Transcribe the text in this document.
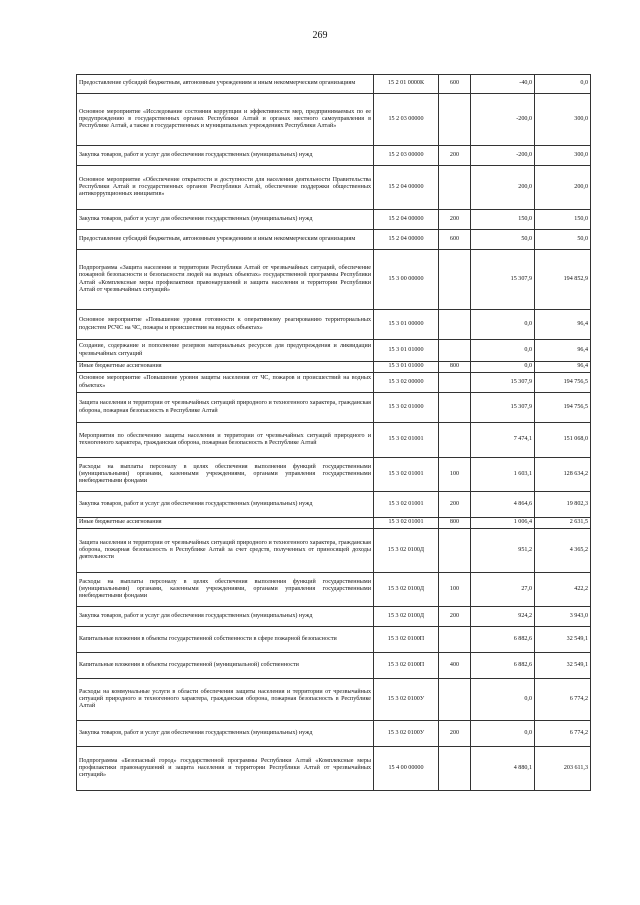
269
Предоставление субсидий бюджетным, автономным учреждениям и иным некоммерческим организациям	15 2 01 0000К	600	-40,0	0,0
Основное мероприятие «Исследование состояния коррупции и эффективности мер, предпринимаемых по ее предупреждению в государственных органах Республики Алтай и органах местного самоуправления в Республике Алтай, а также в государственных и муниципальных учреждениях Республики Алтай»	15 2 03 00000		-200,0	300,0
Закупка товаров, работ и услуг для обеспечения государственных (муниципальных) нужд	15 2 03 00000	200	-200,0	300,0
Основное мероприятие «Обеспечение открытости и доступности для населения деятельности Правительства Республики Алтай и государственных органов Республики Алтай, обеспечение поддержки общественных антикоррупционных инициатив»	15 2 04 00000		200,0	200,0
Закупка товаров, работ и услуг для обеспечения государственных (муниципальных) нужд	15 2 04 00000	200	150,0	150,0
Предоставление субсидий бюджетным, автономным учреждениям и иным некоммерческим организациям	15 2 04 00000	600	50,0	50,0
Подпрограмма «Защита населения и территории Республики Алтай от чрезвычайных ситуаций, обеспечение пожарной безопасности и безопасности людей на водных объектах» государственной программы Республики Алтай «Комплексные меры профилактики правонарушений и защита населения и территории Республики Алтай от чрезвычайных ситуаций»	15 3 00 00000		15 307,9	194 852,9
Основное мероприятие «Повышение уровня готовности к оперативному реагированию территориальных подсистем РСЧС на ЧС, пожары и происшествия на водных объектах»	15 3 01 00000		0,0	96,4
Создание, содержание и пополнение резервов материальных ресурсов для предупреждения и ликвидации чрезвычайных ситуаций	15 3 01 01000		0,0	96,4
Иные бюджетные ассигнования	15 3 01 01000	800	0,0	96,4
Основное мероприятие «Повышение уровня защиты населения от ЧС, пожаров и происшествий на водных объектах»	15 3 02 00000		15 307,9	194 756,5
Защита населения и территории от чрезвычайных ситуаций природного и техногенного характера, гражданская оборона, пожарная безопасность в Республике Алтай	15 3 02 01000		15 307,9	194 756,5
Мероприятия по обеспечению защиты населения и территории от чрезвычайных ситуаций природного и техногенного характера, гражданская оборона, пожарная безопасность в Республике Алтай	15 3 02 01001		7 474,1	151 068,0
Расходы на выплаты персоналу в целях обеспечения выполнения функций государственными (муниципальными) органами, казенными учреждениями, органами управления государственными внебюджетными фондами	15 3 02 01001	100	1 603,1	128 634,2
Закупка товаров, работ и услуг для обеспечения государственных (муниципальных) нужд	15 3 02 01001	200	4 864,6	19 802,3
Иные бюджетные ассигнования	15 3 02 01001	800	1 006,4	2 631,5
Защита населения и территории от чрезвычайных ситуаций природного и техногенного характера, гражданская оборона, пожарная безопасность в Республике Алтай за счет средств, полученных от приносящей доходы деятельности	15 3 02 0100Д		951,2	4 365,2
Расходы на выплаты персоналу в целях обеспечения выполнения функций государственными (муниципальными) органами, казенными учреждениями, органами управления государственными внебюджетными фондами	15 3 02 0100Д	100	27,0	422,2
Закупка товаров, работ и услуг для обеспечения государственных (муниципальных) нужд	15 3 02 0100Д	200	924,2	3 943,0
Капитальные вложения в объекты государственной собственности в сфере пожарной безопасности	15 3 02 0100П		6 882,6	32 549,1
Капитальные вложения в объекты государственной (муниципальной) собственности	15 3 02 0100П	400	6 882,6	32 549,1
Расходы на коммунальные услуги в области обеспечения защиты населения и территории от чрезвычайных ситуаций природного и техногенного характера, гражданская оборона, пожарная безопасность в Республике Алтай	15 3 02 0100У		0,0	6 774,2
Закупка товаров, работ и услуг для обеспечения государственных (муниципальных) нужд	15 3 02 0100У	200	0,0	6 774,2
Подпрограмма «Безопасный город» государственной программы Республики Алтай «Комплексные меры профилактики правонарушений и защита населения и территории Республики Алтай от чрезвычайных ситуаций»	15 4 00 00000		4 880,1	203 611,3
